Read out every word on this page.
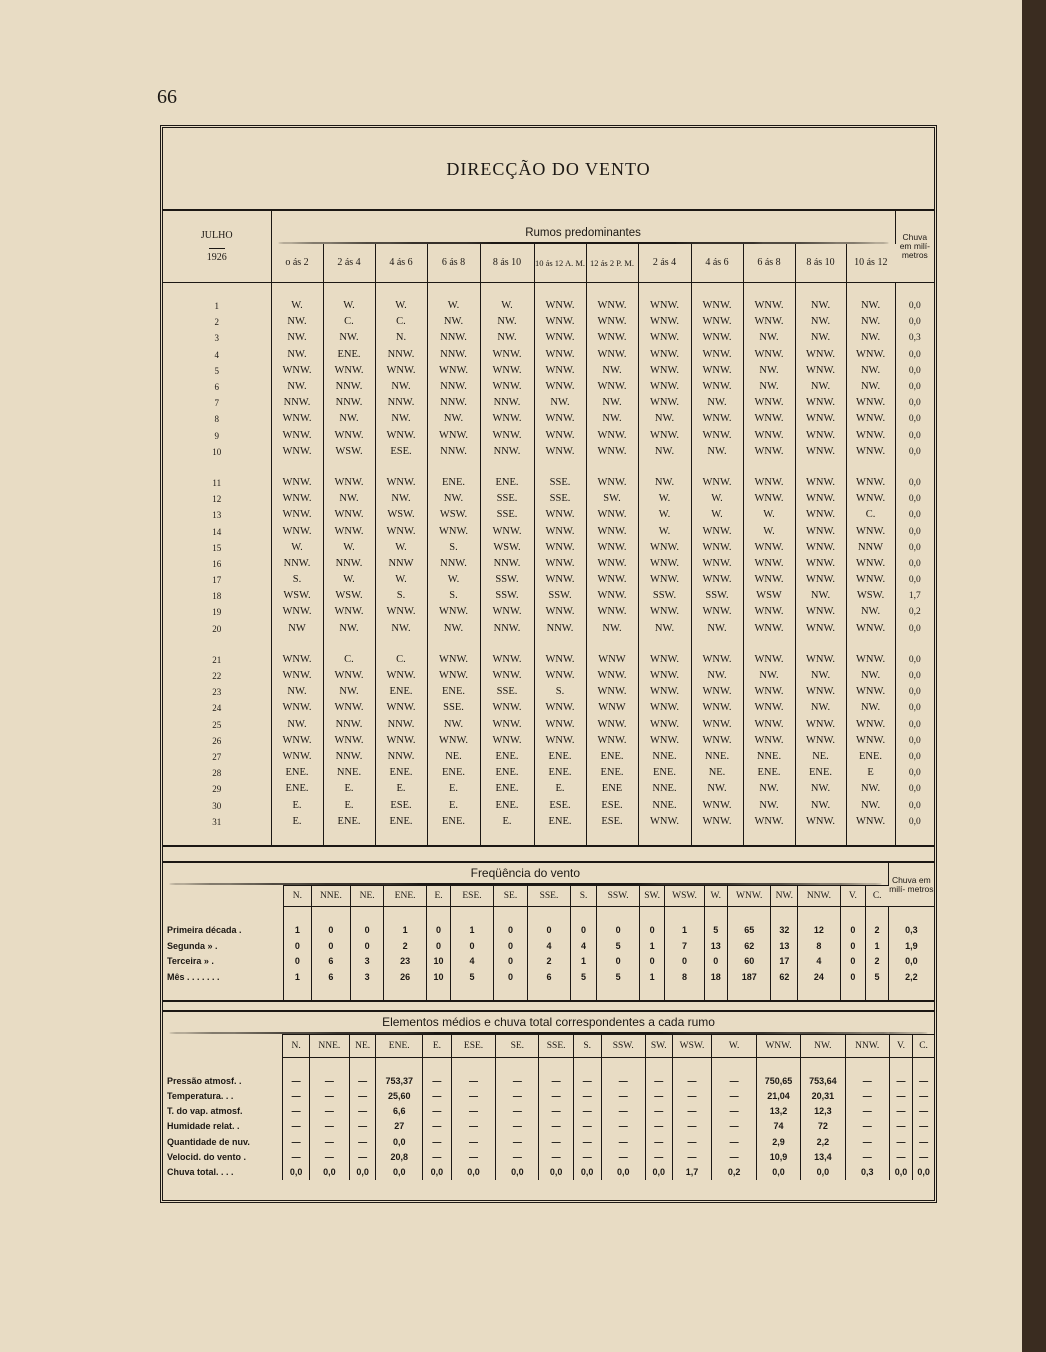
66
DIRECÇÃO DO VENTO
JULHO

1926	Rumos predominantes												Chuva em milí- metros
	o ás 2	2 ás 4	4 ás 6	6 ás 8	8 ás 10	10 ás 12 A. M.	12 ás 2 P. M.	2 ás 4	4 ás 6	6 ás 8	8 ás 10	10 ás 12	

1	W.	W.	W.	W.	W.	WNW.	WNW.	WNW.	WNW.	WNW.	NW.	NW.	0,0
2	NW.	C.	C.	NW.	NW.	WNW.	WNW.	WNW.	WNW.	WNW.	NW.	NW.	0,0
3	NW.	NW.	N.	NNW.	NW.	WNW.	WNW.	WNW.	WNW.	NW.	NW.	NW.	0,3
4	NW.	ENE.	NNW.	NNW.	WNW.	WNW.	WNW.	WNW.	WNW.	WNW.	WNW.	WNW.	0,0
5	WNW.	WNW.	WNW.	WNW.	WNW.	WNW.	NW.	WNW.	WNW.	NW.	WNW.	NW.	0,0
6	NW.	NNW.	NW.	NNW.	WNW.	WNW.	WNW.	WNW.	WNW.	NW.	NW.	NW.	0,0
7	NNW.	NNW.	NNW.	NNW.	NNW.	NW.	NW.	WNW.	NW.	WNW.	WNW.	WNW.	0,0
8	WNW.	NW.	NW.	NW.	WNW.	WNW.	NW.	NW.	WNW.	WNW.	WNW.	WNW.	0,0
9	WNW.	WNW.	WNW.	WNW.	WNW.	WNW.	WNW.	WNW.	WNW.	WNW.	WNW.	WNW.	0,0
10	WNW.	WSW.	ESE.	NNW.	NNW.	WNW.	WNW.	NW.	NW.	WNW.	WNW.	WNW.	0,0

11	WNW.	WNW.	WNW.	ENE.	ENE.	SSE.	WNW.	NW.	WNW.	WNW.	WNW.	WNW.	0,0
12	WNW.	NW.	NW.	NW.	SSE.	SSE.	SW.	W.	W.	WNW.	WNW.	WNW.	0,0
13	WNW.	WNW.	WSW.	WSW.	SSE.	WNW.	WNW.	W.	W.	W.	WNW.	C.	0,0
14	WNW.	WNW.	WNW.	WNW.	WNW.	WNW.	WNW.	W.	WNW.	W.	WNW.	WNW.	0,0
15	W.	W.	W.	S.	WSW.	WNW.	WNW.	WNW.	WNW.	WNW.	WNW.	NNW	0,0
16	NNW.	NNW.	NNW	NNW.	NNW.	WNW.	WNW.	WNW.	WNW.	WNW.	WNW.	WNW.	0,0
17	S.	W.	W.	W.	SSW.	WNW.	WNW.	WNW.	WNW.	WNW.	WNW.	WNW.	0,0
18	WSW.	WSW.	S.	S.	SSW.	SSW.	WNW.	SSW.	SSW.	WSW	NW.	WSW.	1,7
19	WNW.	WNW.	WNW.	WNW.	WNW.	WNW.	WNW.	WNW.	WNW.	WNW.	WNW.	NW.	0,2
20	NW	NW.	NW.	NW.	NNW.	NNW.	NW.	NW.	NW.	WNW.	WNW.	WNW.	0,0

21	WNW.	C.	C.	WNW.	WNW.	WNW.	WNW	WNW.	WNW.	WNW.	WNW.	WNW.	0,0
22	WNW.	WNW.	WNW.	WNW.	WNW.	WNW.	WNW.	WNW.	NW.	NW.	NW.	NW.	0,0
23	NW.	NW.	ENE.	ENE.	SSE.	S.	WNW.	WNW.	WNW.	WNW.	WNW.	WNW.	0,0
24	WNW.	WNW.	WNW.	SSE.	WNW.	WNW.	WNW	WNW.	WNW.	WNW.	NW.	NW.	0,0
25	NW.	NNW.	NNW.	NW.	WNW.	WNW.	WNW.	WNW.	WNW.	WNW.	WNW.	WNW.	0,0
26	WNW.	WNW.	WNW.	WNW.	WNW.	WNW.	WNW.	WNW.	WNW.	WNW.	WNW.	WNW.	0,0
27	WNW.	NNW.	NNW.	NE.	ENE.	ENE.	ENE.	NNE.	NNE.	NNE.	NE.	ENE.	0,0
28	ENE.	NNE.	ENE.	ENE.	ENE.	ENE.	ENE.	ENE.	NE.	ENE.	ENE.	E	0,0
29	ENE.	E.	E.	E.	ENE.	E.	ENE	NNE.	NW.	NW.	NW.	NW.	0,0
30	E.	E.	ESE.	E.	ENE.	ESE.	ESE.	NNE.	WNW.	NW.	NW.	NW.	0,0
31	E.	ENE.	ENE.	ENE.	E.	ENE.	ESE.	WNW.	WNW.	WNW.	WNW.	WNW.	0,0

Freqüência do vento																			Chuva em milí- metros
	N.	NNE.	NE.	ENE.	E.	ESE.	SE.	SSE.	S.	SSW.	SW.	WSW.	W.	WNW.	NW.	NNW.	V.	C.	

Primeira década .	1	0	0	1	0	1	0	0	0	0	0	1	5	65	32	12	0	2	0,3
Segunda » .	0	0	0	2	0	0	0	4	4	5	1	7	13	62	13	8	0	1	1,9
Terceira » .	0	6	3	23	10	4	0	2	1	0	0	0	0	60	17	4	0	2	0,0
Mês . . . . . . .	1	6	3	26	10	5	0	6	5	5	1	8	18	187	62	24	0	5	2,2

Elementos médios e chuva total correspondentes a cada rumo																		

	N.	NNE.	NE.	ENE.	E.	ESE.	SE.	SSE.	S.	SSW.	SW.	WSW.	W.	WNW.	NW.	NNW.	V.	C.

Pressão atmosf. .	—	—	—	753,37	—	—	—	—	—	—	—	—	—	750,65	753,64	—	—	—
Temperatura. . .	—	—	—	25,60	—	—	—	—	—	—	—	—	—	21,04	20,31	—	—	—
T. do vap. atmosf.	—	—	—	6,6	—	—	—	—	—	—	—	—	—	13,2	12,3	—	—	—
Humidade relat. .	—	—	—	27	—	—	—	—	—	—	—	—	—	74	72	—	—	—
Quantidade de nuv.	—	—	—	0,0	—	—	—	—	—	—	—	—	—	2,9	2,2	—	—	—
Velocid. do vento .	—	—	—	20,8	—	—	—	—	—	—	—	—	—	10,9	13,4	—	—	—
Chuva total. . . .	0,0	0,0	0,0	0,0	0,0	0,0	0,0	0,0	0,0	0,0	0,0	1,7	0,2	0,0	0,0	0,3	0,0	0,0
